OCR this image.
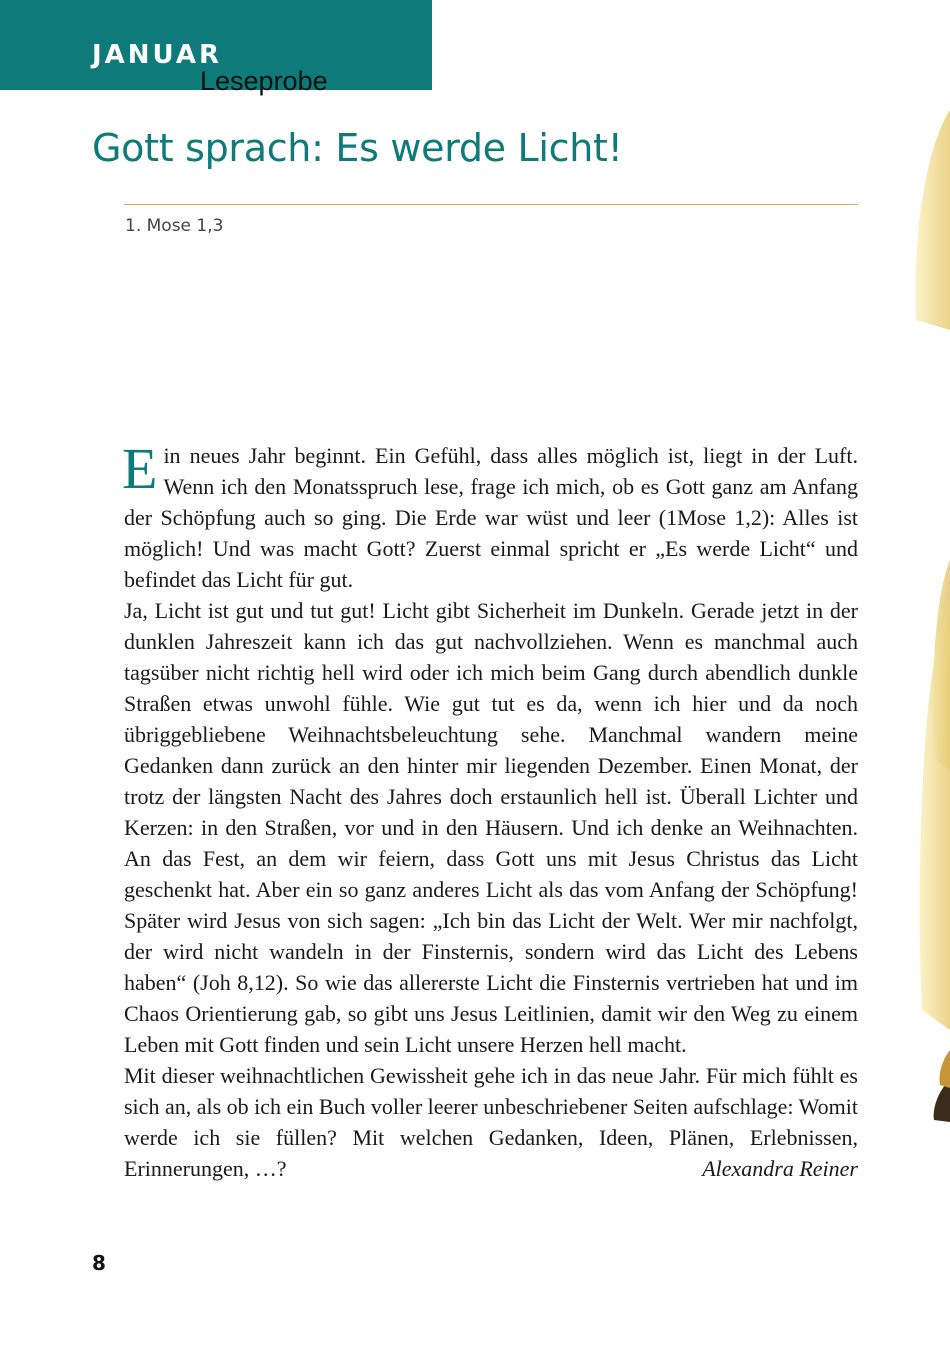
JANUAR
Leseprobe
Gott sprach: Es werde Licht!
1. Mose 1,3

E in neues Jahr beginnt. Ein Gefühl, dass alles möglich ist, liegt in der Luft. Wenn ich den Monatsspruch lese, frage ich mich, ob es Gott ganz am Anfang der Schöpfung auch so ging. Die Erde war wüst und leer (1Mose 1,2): Alles ist möglich! Und was macht Gott? Zuerst einmal spricht er „Es werde Licht“ und befindet das Licht für gut.

Ja, Licht ist gut und tut gut! Licht gibt Sicherheit im Dunkeln. Gerade jetzt in der dunklen Jahreszeit kann ich das gut nachvollziehen. Wenn es manchmal auch tagsüber nicht richtig hell wird oder ich mich beim Gang durch abendlich dunkle Straßen etwas unwohl fühle. Wie gut tut es da, wenn ich hier und da noch übriggebliebene Weihnachtsbeleuchtung sehe. Manchmal wandern meine Gedanken dann zurück an den hinter mir liegenden Dezember. Einen Monat, der trotz der längsten Nacht des Jahres doch erstaunlich hell ist. Überall Lichter und Kerzen: in den Straßen, vor und in den Häusern. Und ich denke an Weihnachten. An das Fest, an dem wir feiern, dass Gott uns mit Jesus Christus das Licht geschenkt hat. Aber ein so ganz anderes Licht als das vom Anfang der Schöpfung! Später wird Jesus von sich sagen: „Ich bin das Licht der Welt. Wer mir nachfolgt, der wird nicht wandeln in der Finsternis, sondern wird das Licht des Lebens haben“ (Joh 8,12). So wie das allererste Licht die Finsternis vertrieben hat und im Chaos Orientierung gab, so gibt uns Jesus Leitlinien, damit wir den Weg zu einem Leben mit Gott finden und sein Licht unsere Herzen hell macht.

Mit dieser weihnachtlichen Gewissheit gehe ich in das neue Jahr. Für mich fühlt es sich an, als ob ich ein Buch voller leerer unbeschriebener Seiten aufschlage: Womit werde ich sie füllen? Mit welchen Gedanken, Ideen, Plänen, Erlebnissen, Erinnerungen, …?	Alexandra Reiner

8
